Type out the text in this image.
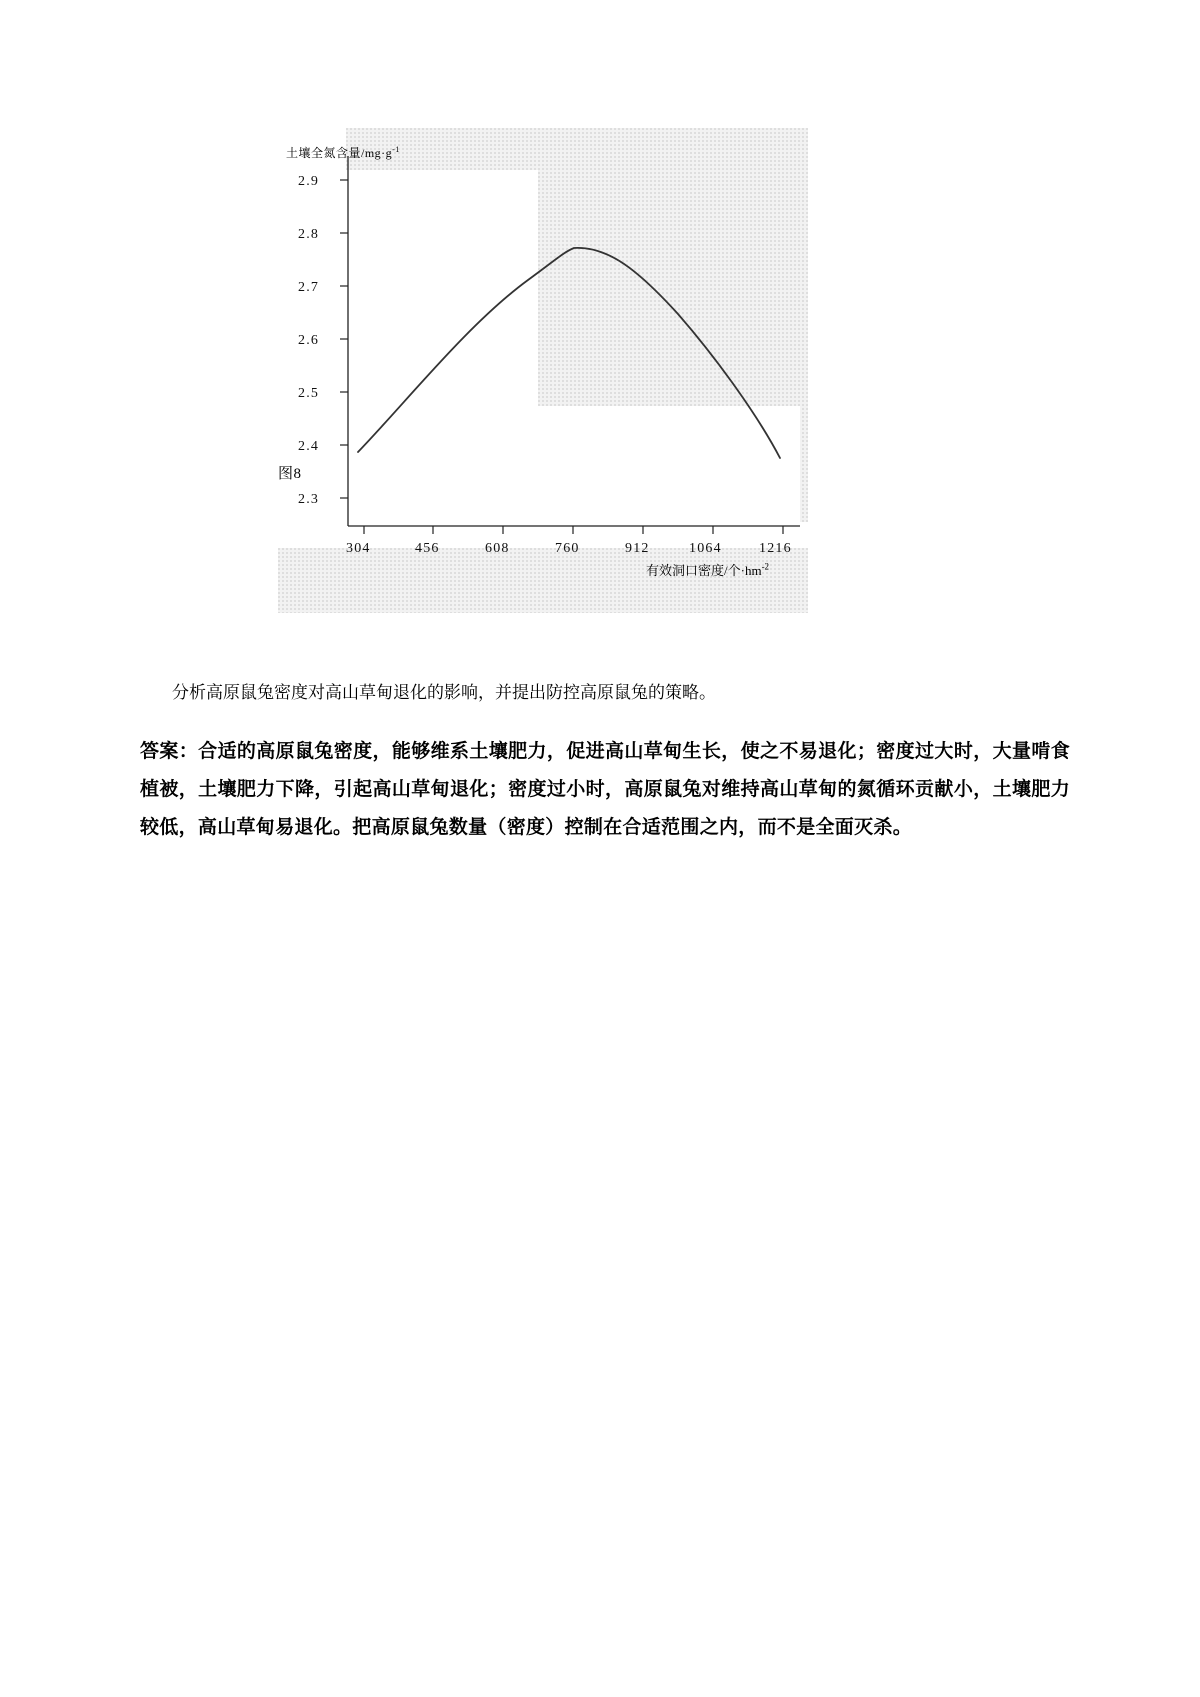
土壤全氮含量$/mg\cdot g^{-1}$
2.3
2.4
2.5
2.6
2.7
2.8
2.9
304	456	608	760	912	1064	1216
有效洞口密度/个$\cdot hm^{-2}$
图8
分析高原鼠兔密度对高山草甸退化的影响，并提出防控高原鼠兔的策略。
答案：合适的高原鼠兔密度，能够维系土壤肥力，促进高山草甸生长，使之不易退化；密度过大时，大量啃食植被，土壤肥力下降，引起高山草甸退化；密度过小时，高原鼠兔对维持高山草甸的氮循环贡献小，土壤肥力较低，高山草甸易退化。把高原鼠兔数量（密度）控制在合适范围之内，而不是全面灭杀。
